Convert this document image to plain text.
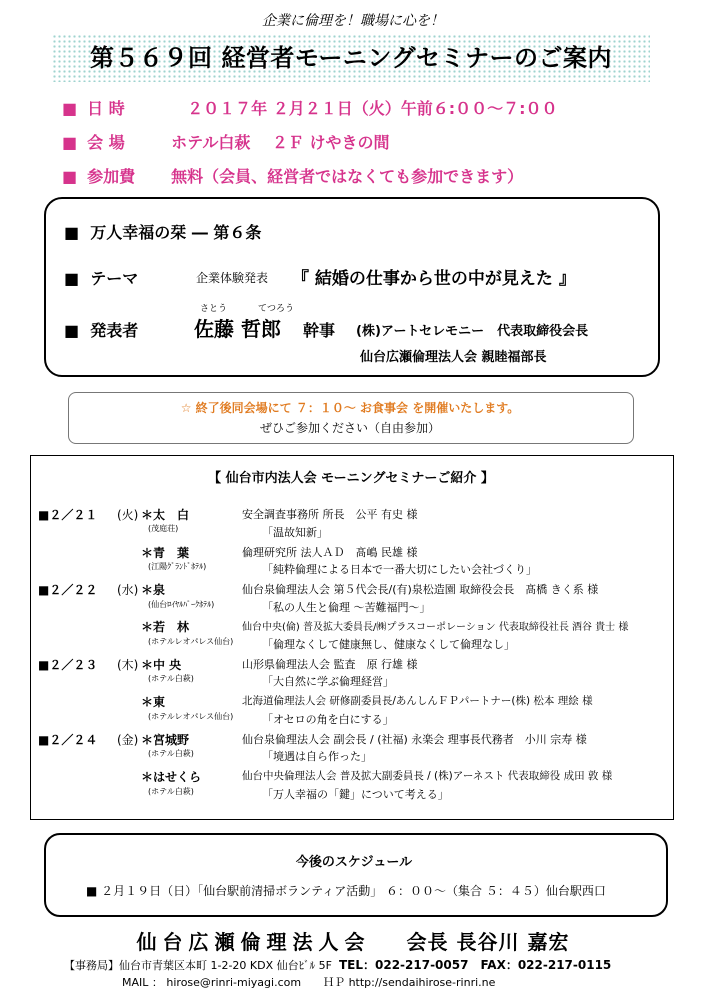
企業に倫理を！職場に心を！
第５６９回 経営者モーニングセミナーのご案内
■ 日 時	２０１７年 ２月２１日（火）午前６:００～７:００
■ 会 場	ホテル白萩　 ２Ｆ けやきの間
■ 参加費 無料（会員、経営者ではなくても参加できます）
■ 万人幸福の栞 ― 第６条
■ テーマ	企業体験発表 『 結婚の仕事から世の中が見えた 』
さとう	てつろう
■ 発表者	佐藤 哲郎 幹事 (株)アートセレモニー　代表取締役会長
仙台広瀬倫理法人会 親睦福部長
☆ 終了後同会場にて ７：１０～ お食事会 を開催いたします。
ぜひご参加ください（自由参加）
【 仙台市内法人会 モーニングセミナーご紹介 】
■２／２１ (火) ＊太　白
(茂庭荘)
安全調査事務所 所長　公平 有史 様
「温故知新」
＊青　葉
(江陽ｸﾞﾗﾝﾄﾞﾎﾃﾙ)
倫理研究所 法人ＡＤ　髙嶋 民雄 様
「純粋倫理による日本で一番大切にしたい会社づくり」
■２／２２ (水) ＊泉
(仙台ﾛｲﾔﾙﾊﾟｰｸﾎﾃﾙ)
仙台泉倫理法人会 第５代会長/(有)泉松造園 取締役会長　髙橋 きく系 様
「私の人生と倫理 ～苦難福門～」
＊若　林
(ホテルレオパレス仙台)
仙台中央(倫) 普及拡大委員長/㈱プラスコーポレーション 代表取締役社長 酒谷 貴士 様
「倫理なくして健康無し、健康なくして倫理なし」
■２／２３ (木) ＊中 央
(ホテル白萩)
山形県倫理法人会 監査　原 行雄 様
「大自然に学ぶ倫理経営」
＊東
(ホテルレオパレス仙台)
北海道倫理法人会 研修副委員長/あんしんＦＰパートナー(株) 松本 理絵 様
「オセロの角を白にする」
■２／２４ (金) ＊宮城野
(ホテル白萩)
仙台泉倫理法人会 副会長 / (社福) 永楽会 理事長代務者　小川 宗寿 様
「境遇は自ら作った」
＊はせくら
(ホテル白萩)
仙台中央倫理法人会 普及拡大副委員長 / (株)アーネスト 代表取締役 成田 敦 様
「万人幸福の「鍵」について考える」
今後のスケジュール
■ ２月１９日（日）「仙台駅前清掃ボランティア活動」 ６：００～（集合 ５：４５）仙台駅西口
仙台広瀬倫理法人会 会長 長谷川 嘉宏
【事務局】仙台市青葉区本町 1-2-20 KDX 仙台ﾋﾞﾙ 5F TEL：022-217-0057　FAX：022-217-0115
MAIL ： hirose@rinri-miyagi.com　　ＨＰ http://sendaihirose-rinri.ne
